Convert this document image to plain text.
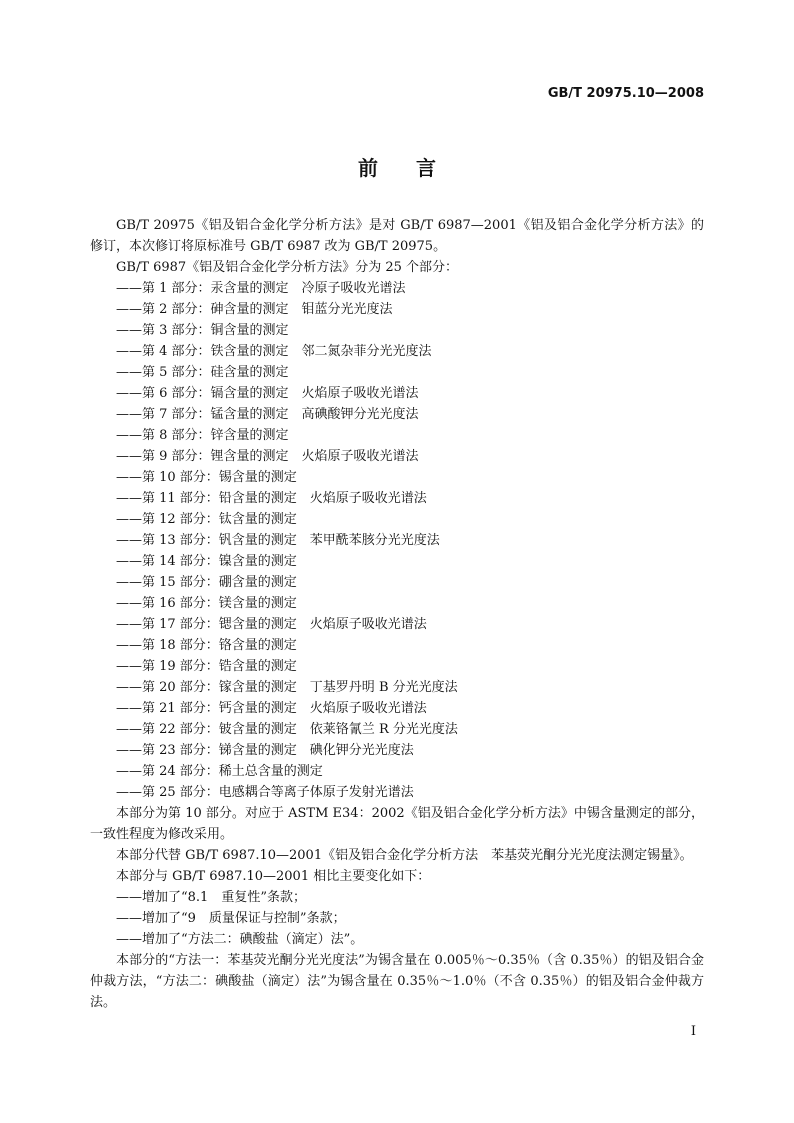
GB/T 20975.10—2008
前言

GB/T 20975《铝及铝合金化学分析方法》是对 GB/T 6987—2001《铝及铝合金化学分析方法》的修订，本次修订将原标准号 GB/T 6987 改为 GB/T 20975。

GB/T 6987《铝及铝合金化学分析方法》分为 25 个部分：

——第 1 部分：汞含量的测定　冷原子吸收光谱法

——第 2 部分：砷含量的测定　钼蓝分光光度法

——第 3 部分：铜含量的测定

——第 4 部分：铁含量的测定　邻二氮杂菲分光光度法

——第 5 部分：硅含量的测定

——第 6 部分：镉含量的测定　火焰原子吸收光谱法

——第 7 部分：锰含量的测定　高碘酸钾分光光度法

——第 8 部分：锌含量的测定

——第 9 部分：锂含量的测定　火焰原子吸收光谱法

——第 10 部分：锡含量的测定

——第 11 部分：铅含量的测定　火焰原子吸收光谱法

——第 12 部分：钛含量的测定

——第 13 部分：钒含量的测定　苯甲酰苯胲分光光度法

——第 14 部分：镍含量的测定

——第 15 部分：硼含量的测定

——第 16 部分：镁含量的测定

——第 17 部分：锶含量的测定　火焰原子吸收光谱法

——第 18 部分：铬含量的测定

——第 19 部分：锆含量的测定

——第 20 部分：镓含量的测定　丁基罗丹明 B 分光光度法

——第 21 部分：钙含量的测定　火焰原子吸收光谱法

——第 22 部分：铍含量的测定　依莱铬氰兰 R 分光光度法

——第 23 部分：锑含量的测定　碘化钾分光光度法

——第 24 部分：稀土总含量的测定

——第 25 部分：电感耦合等离子体原子发射光谱法

本部分为第 10 部分。对应于 ASTM E34：2002《铝及铝合金化学分析方法》中锡含量测定的部分，一致性程度为修改采用。

本部分代替 GB/T 6987.10—2001《铝及铝合金化学分析方法　苯基荧光酮分光光度法测定锡量》。

本部分与 GB/T 6987.10—2001 相比主要变化如下：

——增加了“8.1　重复性”条款；

——增加了“9　质量保证与控制”条款；

——增加了“方法二：碘酸盐（滴定）法”。

本部分的“方法一：苯基荧光酮分光光度法”为锡含量在 0.005％～0.35％（含 0.35％）的铝及铝合金仲裁方法，“方法二：碘酸盐（滴定）法”为锡含量在 0.35％～1.0％（不含 0.35％）的铝及铝合金仲裁方法。

I
